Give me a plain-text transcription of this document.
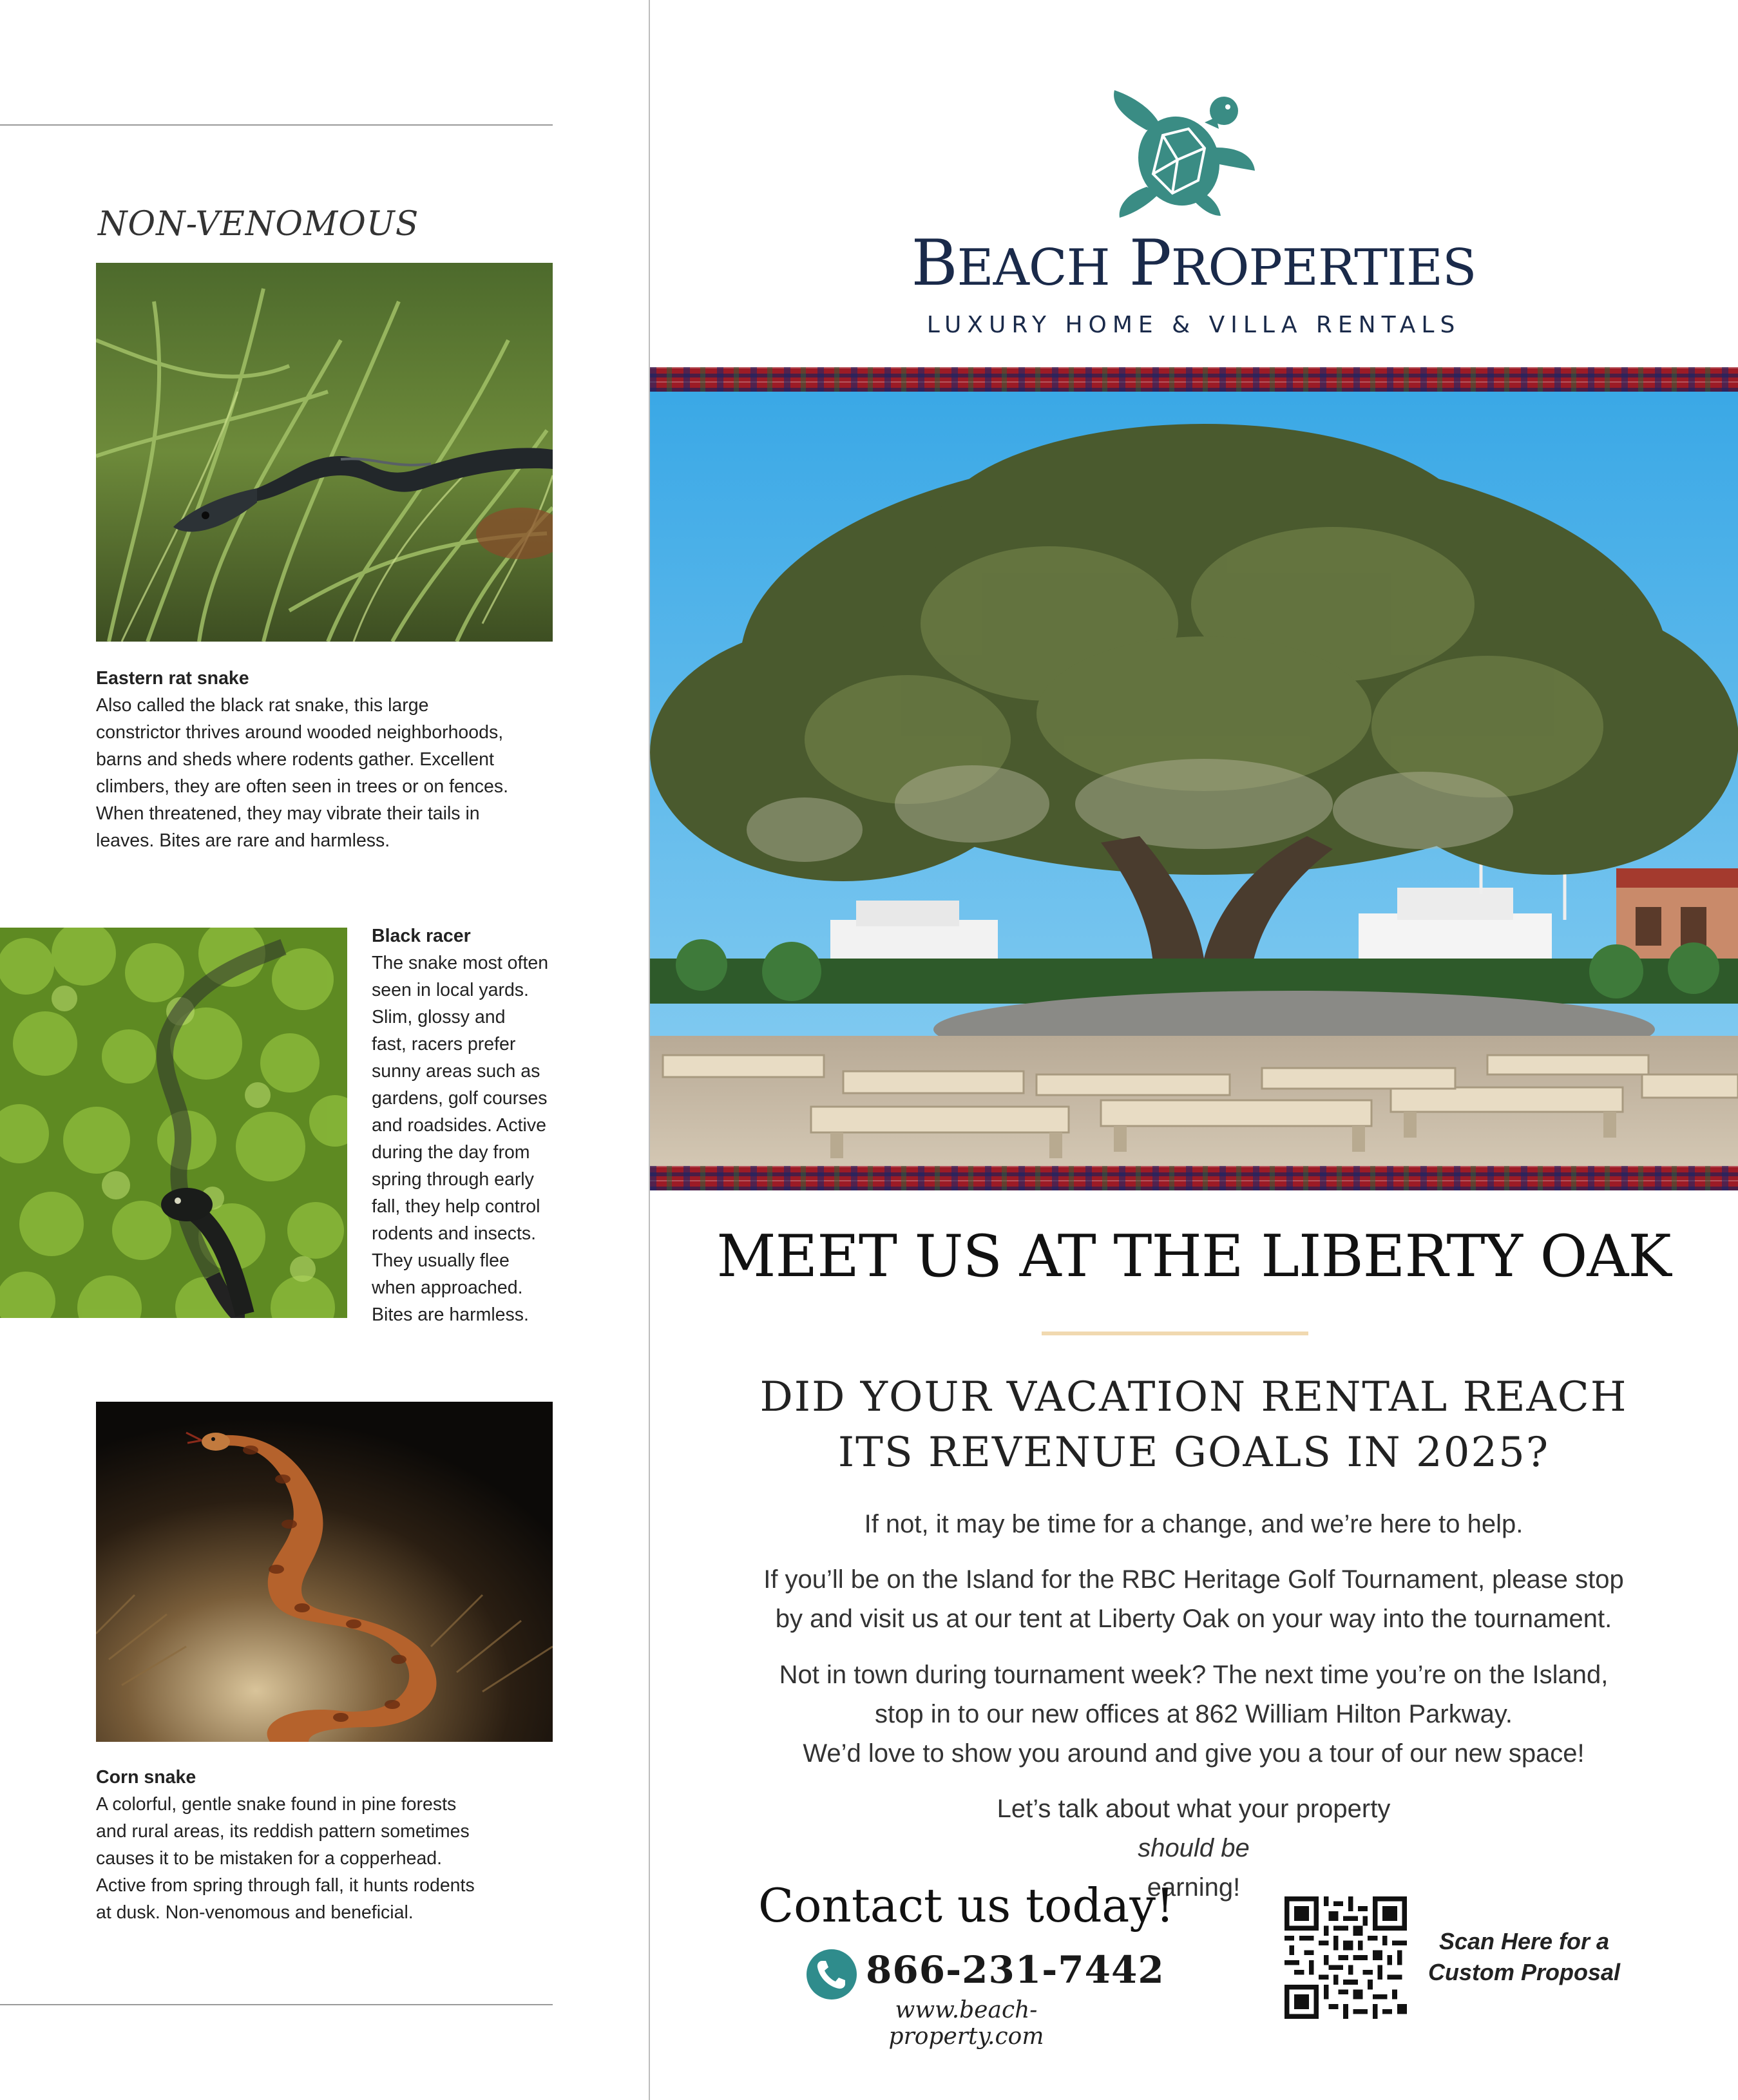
NON-VENOMOUS
Eastern rat snake
Also called the black rat snake, this large
constrictor thrives around wooded neighborhoods,
barns and sheds where rodents gather. Excellent
climbers, they are often seen in trees or on fences.
When threatened, they may vibrate their tails in
leaves. Bites are rare and harmless.
Black racer
The snake most often
seen in local yards.
Slim, glossy and
fast, racers prefer
sunny areas such as
gardens, golf courses
and roadsides. Active
during the day from
spring through early
fall, they help control
rodents and insects.
They usually flee
when approached.
Bites are harmless.
Corn snake
A colorful, gentle snake found in pine forests
and rural areas, its reddish pattern sometimes
causes it to be mistaken for a copperhead.
Active from spring through fall, it hunts rodents
at dusk. Non-venomous and beneficial.
BEACH PROPERTIES
LUXURY HOME & VILLA RENTALS
MEET US AT THE LIBERTY OAK
DID YOUR VACATION RENTAL REACH
ITS REVENUE GOALS IN 2025?
If not, it may be time for a change, and we’re here to help.
If you’ll be on the Island for the RBC Heritage Golf Tournament, please stop
by and visit us at our tent at Liberty Oak on your way into the tournament.
Not in town during tournament week? The next time you’re on the Island,
stop in to our new offices at 862 William Hilton Parkway.
We’d love to show you around and give you a tour of our new space!
Let’s talk about what your property
should be
earning!
Contact us today!
866-231-7442
www.beach-property.com
Scan Here for a
Custom Proposal
